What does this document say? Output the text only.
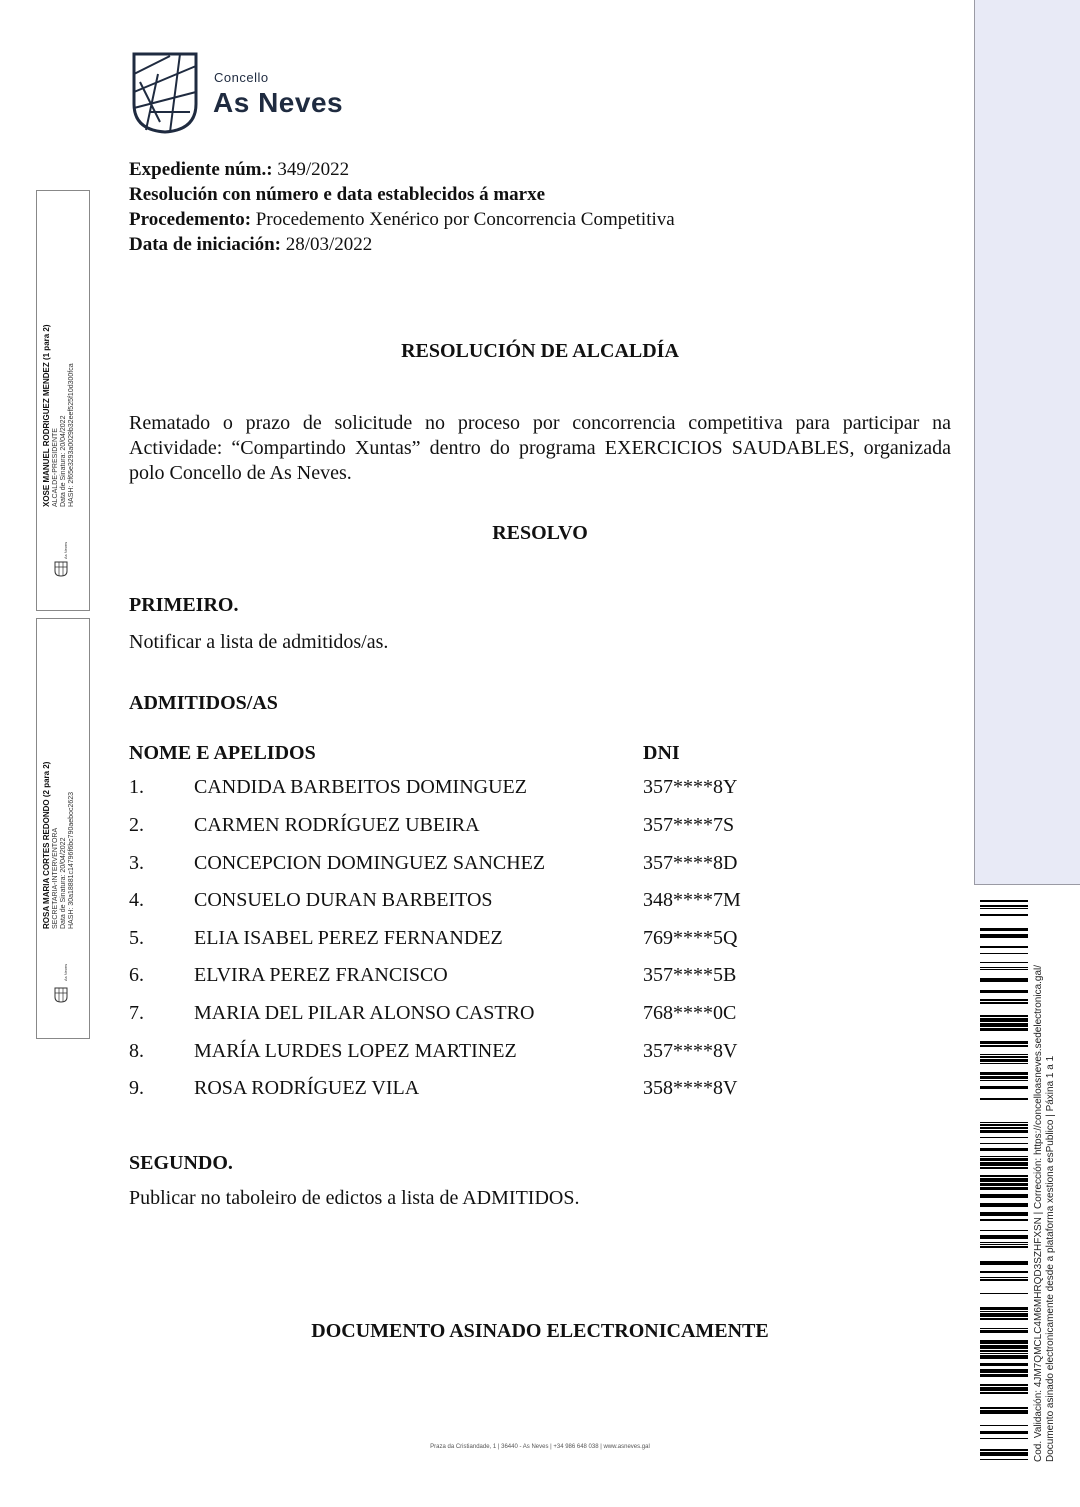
Concello
As Neves
Expediente núm.: 349/2022
Resolución con número e data establecidos á marxe
Procedemento: Procedemento Xenérico por Concorrencia Competitiva
Data de iniciación: 28/03/2022
RESOLUCIÓN DE ALCALDÍA
Rematado o prazo de solicitude no proceso por concorrencia competitiva para participar na Actividade: “Compartindo Xuntas” dentro do programa EXERCICIOS SAUDABLES, organizada polo Concello de As Neves.
RESOLVO
PRIMEIRO.
Notificar a lista de admitidos/as.
ADMITIDOS/AS
NOME E APELIDOS	DNI
1.	CANDIDA BARBEITOS DOMINGUEZ	357****8Y
2.	CARMEN RODRÍGUEZ UBEIRA	357****7S
3.	CONCEPCION DOMINGUEZ SANCHEZ	357****8D
4.	CONSUELO DURAN BARBEITOS	348****7M
5.	ELIA ISABEL PEREZ FERNANDEZ	769****5Q
6.	ELVIRA PEREZ FRANCISCO	357****5B
7.	MARIA DEL PILAR ALONSO CASTRO	768****0C
8.	MARÍA LURDES LOPEZ MARTINEZ	357****8V
9.	ROSA RODRÍGUEZ VILA	358****8V
SEGUNDO.
Publicar no taboleiro de edictos a lista de ADMITIDOS.
DOCUMENTO ASINADO ELECTRONICAMENTE
Praza da Cristiandade, 1 | 36440 - As Neves | +34 986 648 038 | www.asneves.gal
XOSE MANUEL RODRIGUEZ MENDEZ (1 para 2) ALCALDE-PRESIDENTE Data de Sinatura: 20/04/2022 HASH: 2f65e3293a0029b32eef525f10d300fca
As Neves
ROSA MARIA CORTES REDONDO (2 para 2) SECRETARIA-INTERVENTORA Data de Sinatura: 20/04/2022 HASH: 30a18881c14796f6bc790aeboc2623
As Neves	Cod. Validación: 4JM7QMCLC4M6MHRQD3SZHFXSN | Corrección: https://concelloasneves.sedelectronica.gal/ Documento asinado electronicamente desde a plataforma xestiona esPublico | Páxina 1 a 1
